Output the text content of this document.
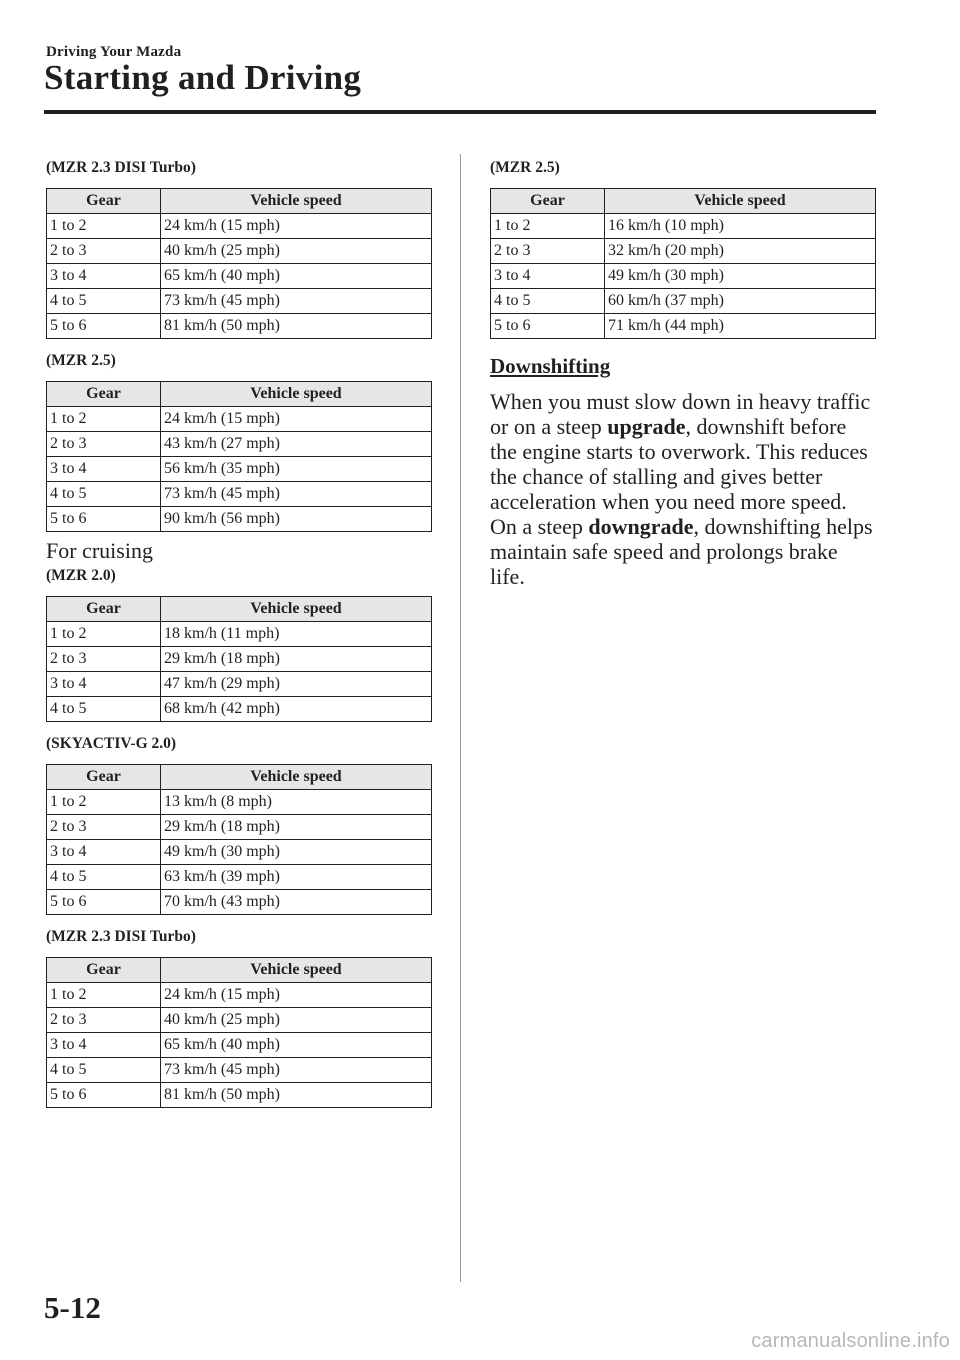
Driving Your Mazda
Starting and Driving

(MZR 2.3 DISI Turbo)

Gear	Vehicle speed
1 to 2	24 km/h (15 mph)
2 to 3	40 km/h (25 mph)
3 to 4	65 km/h (40 mph)
4 to 5	73 km/h (45 mph)
5 to 6	81 km/h (50 mph)

(MZR 2.5)

Gear	Vehicle speed
1 to 2	24 km/h (15 mph)
2 to 3	43 km/h (27 mph)
3 to 4	56 km/h (35 mph)
4 to 5	73 km/h (45 mph)
5 to 6	90 km/h (56 mph)

For cruising

(MZR 2.0)

Gear	Vehicle speed
1 to 2	18 km/h (11 mph)
2 to 3	29 km/h (18 mph)
3 to 4	47 km/h (29 mph)
4 to 5	68 km/h (42 mph)

(SKYACTIV-G 2.0)

Gear	Vehicle speed
1 to 2	13 km/h (8 mph)
2 to 3	29 km/h (18 mph)
3 to 4	49 km/h (30 mph)
4 to 5	63 km/h (39 mph)
5 to 6	70 km/h (43 mph)

(MZR 2.3 DISI Turbo)

Gear	Vehicle speed
1 to 2	24 km/h (15 mph)
2 to 3	40 km/h (25 mph)
3 to 4	65 km/h (40 mph)
4 to 5	73 km/h (45 mph)
5 to 6	81 km/h (50 mph)

(MZR 2.5)

Gear	Vehicle speed
1 to 2	16 km/h (10 mph)
2 to 3	32 km/h (20 mph)
3 to 4	49 km/h (30 mph)
4 to 5	60 km/h (37 mph)
5 to 6	71 km/h (44 mph)

Downshifting

When you must slow down in heavy traffic or on a steep upgrade, downshift before the engine starts to overwork. This reduces the chance of stalling and gives better acceleration when you need more speed.

On a steep downgrade, downshifting helps maintain safe speed and prolongs brake life.

5-12
carmanualsonline.info
